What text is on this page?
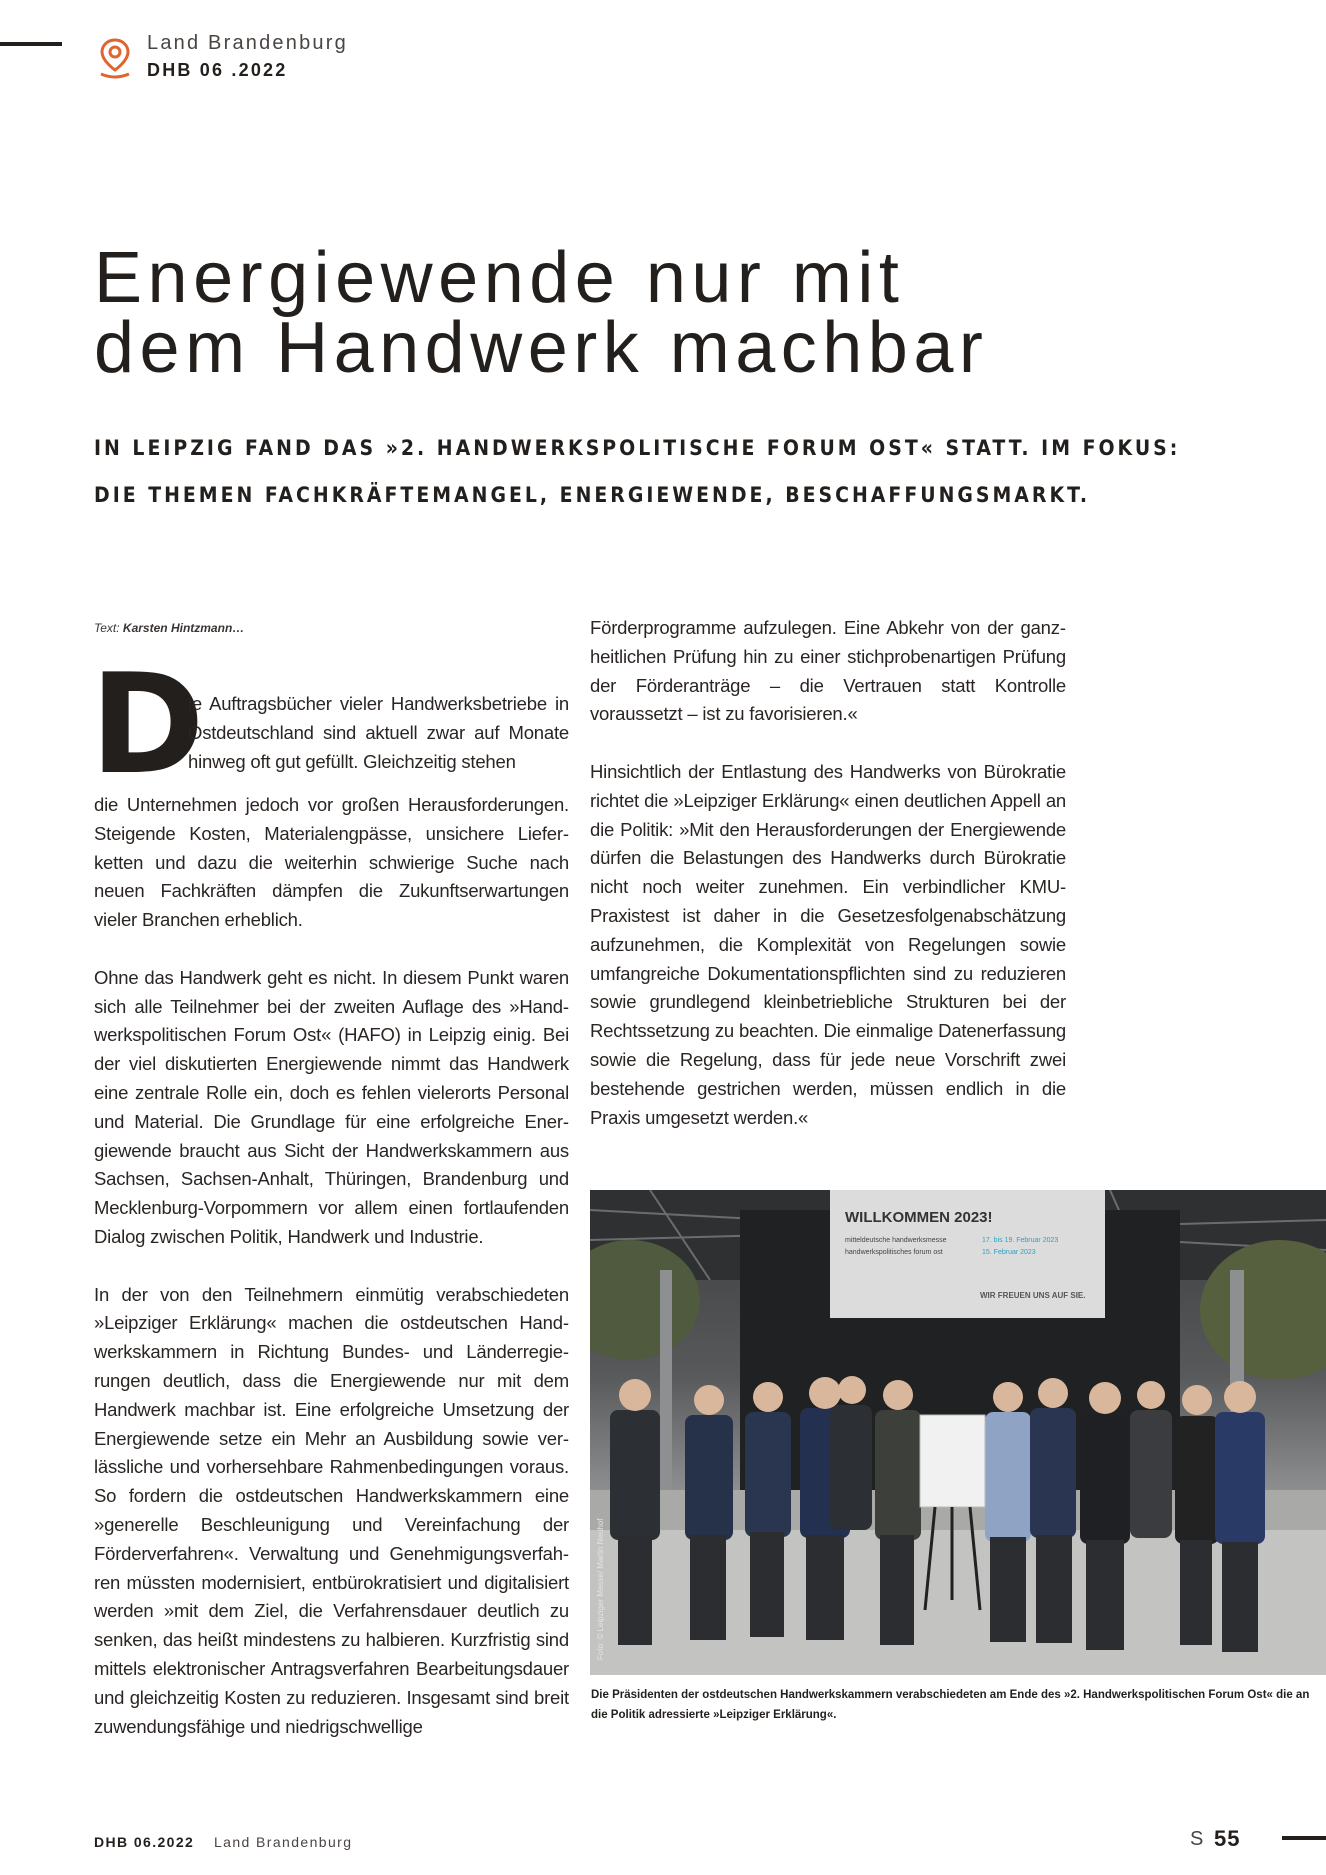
Land Brandenburg
DHB 06 .2022
Energiewende nur mit
dem Handwerk machbar

IN LEIPZIG FAND DAS »2. HANDWERKSPOLITISCHE FORUM OST« STATT. IM FOKUS: DIE THEMEN FACHKRÄFTEMANGEL, ENERGIEWENDE, BESCHAFFUNGSMARKT.

Text: Karsten Hintzmann…
D
ie Auftragsbücher vieler Handwerksbetriebe in Ostdeutschland sind aktuell zwar auf Monate hinweg oft gut gefüllt. Gleichzeitig stehen

die Unternehmen jedoch vor großen Herausforderungen. Steigende Kosten, Materialengpässe, unsichere Lieferketten und dazu die weiterhin schwierige Suche nach neuen Fachkräften dämpfen die Zukunftserwartungen vieler Branchen erheblich.

Ohne das Handwerk geht es nicht. In diesem Punkt waren sich alle Teilnehmer bei der zweiten Auflage des »Handwerkspolitischen Forum Ost« (HAFO) in Leipzig einig. Bei der viel diskutierten Energiewende nimmt das Handwerk eine zentrale Rolle ein, doch es fehlen vielerorts Personal und Material. Die Grundlage für eine erfolgreiche Energiewende braucht aus Sicht der Handwerkskammern aus Sachsen, Sachsen-Anhalt, Thüringen, Brandenburg und Mecklenburg-Vorpommern vor allem einen fortlaufenden Dialog zwischen Politik, Handwerk und Industrie.

In der von den Teilnehmern einmütig verabschiedeten »Leipziger Erklärung« machen die ostdeutschen Handwerkskammern in Richtung Bundes- und Länderregierungen deutlich, dass die Energiewende nur mit dem Handwerk machbar ist. Eine erfolgreiche Umsetzung der Energiewende setze ein Mehr an Ausbildung sowie verlässliche und vorhersehbare Rahmenbedingungen voraus. So fordern die ostdeutschen Handwerkskammern eine »generelle Beschleunigung und Vereinfachung der Förderverfahren«. Verwaltung und Genehmigungsverfahren müssten modernisiert, entbürokratisiert und digitalisiert werden »mit dem Ziel, die Verfahrensdauer deutlich zu senken, das heißt mindestens zu halbieren. Kurzfristig sind mittels elektronischer Antragsverfahren Bearbeitungsdauer und gleichzeitig Kosten zu reduzieren. Insgesamt sind breit zuwendungsfähige und niedrigschwellige

Förderprogramme aufzulegen. Eine Abkehr von der ganzheitlichen Prüfung hin zu einer stichprobenartigen Prüfung der Förderanträge – die Vertrauen statt Kontrolle voraussetzt – ist zu favorisieren.«

Hinsichtlich der Entlastung des Handwerks von Bürokratie richtet die »Leipziger Erklärung« einen deutlichen Appell an die Politik: »Mit den Herausforderungen der Energiewende dürfen die Belastungen des Handwerks durch Bürokratie nicht noch weiter zunehmen. Ein verbindlicher KMU-Praxistest ist daher in die Gesetzesfolgenabschätzung aufzunehmen, die Komplexität von Regelungen sowie umfangreiche Dokumentationspflichten sind zu reduzieren sowie grundlegend kleinbetriebliche Strukturen bei der Rechtssetzung zu beachten. Die einmalige Datenerfassung sowie die Regelung, dass für jede neue Vorschrift zwei bestehende gestrichen werden, müssen endlich in die Praxis umgesetzt werden.«

WILLKOMMEN 2023!
mitteldeutsche handwerksmesse	17. bis 19. Februar 2023
handwerkspolitisches forum ost	15. Februar 2023
WIR FREUEN UNS AUF SIE.
Foto: © Leipziger Messe/ Martin Neuhof
Die Präsidenten der ostdeutschen Handwerkskammern verabschiedeten am Ende des »2. Handwerkspolitischen Forum Ost« die an die Politik adressierte »Leipziger Erklärung«.
DHB 06.2022 Land Brandenburg	S 55
